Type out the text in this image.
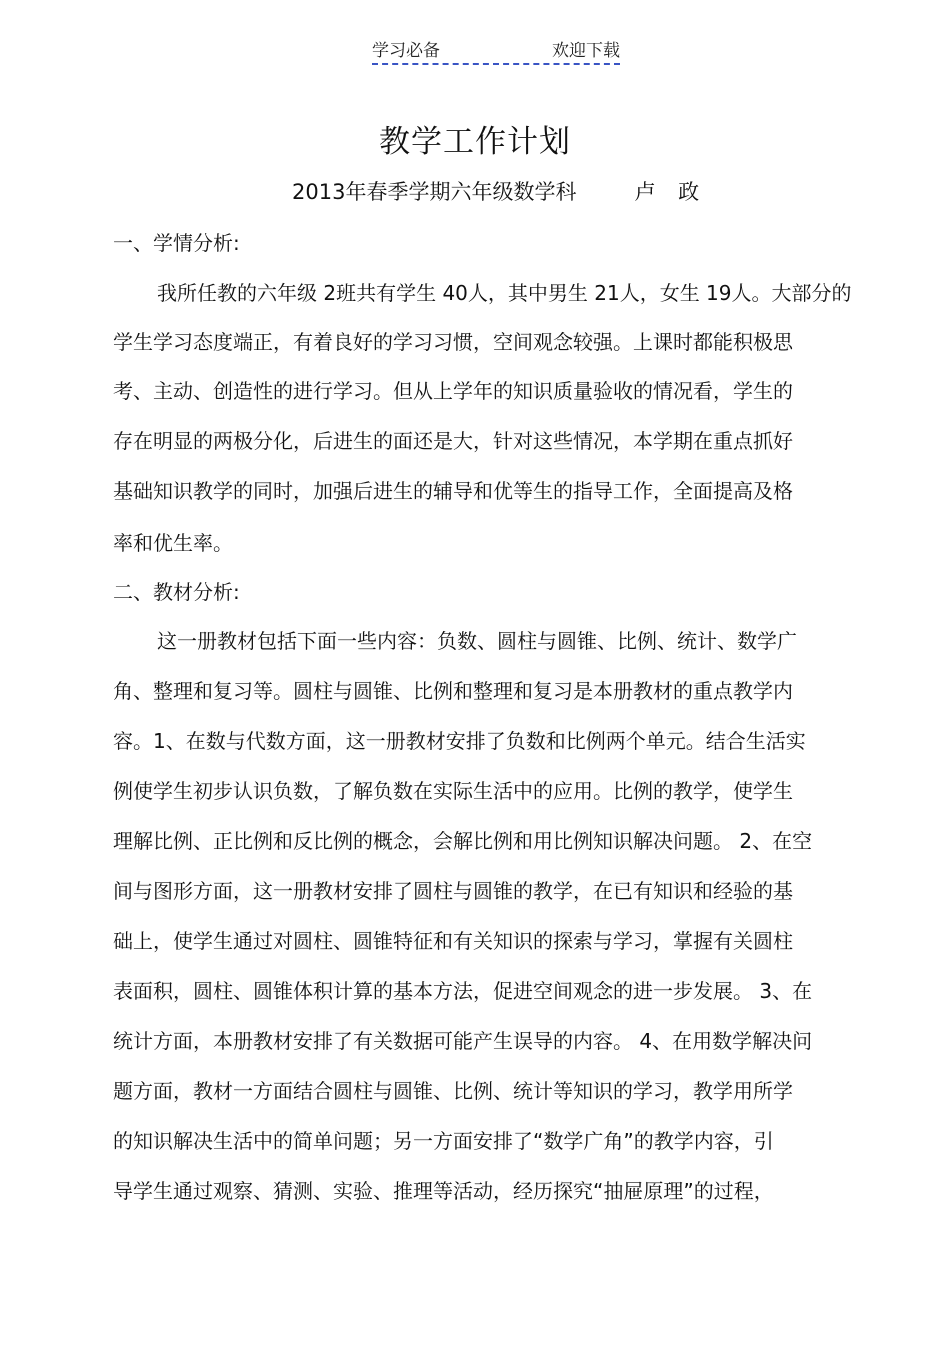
学习必备	欢迎下载
教学工作计划
2013年春季学期六年级数学科	卢 政
一、学情分析:
我所任教的六年级 2班共有学生 40人，其中男生 21人，女生 19人。大部分的
学生学习态度端正，有着良好的学习习惯，空间观念较强。上课时都能积极思
考、主动、创造性的进行学习。但从上学年的知识质量验收的情况看，学生的
存在明显的两极分化，后进生的面还是大，针对这些情况，本学期在重点抓好
基础知识教学的同时，加强后进生的辅导和优等生的指导工作，全面提高及格
率和优生率。
二、教材分析:
这一册教材包括下面一些内容：负数、圆柱与圆锥、比例、统计、数学广
角、整理和复习等。圆柱与圆锥、比例和整理和复习是本册教材的重点教学内
容。1、在数与代数方面，这一册教材安排了负数和比例两个单元。结合生活实
例使学生初步认识负数，了解负数在实际生活中的应用。比例的教学，使学生
理解比例、正比例和反比例的概念，会解比例和用比例知识解决问题。 2、在空
间与图形方面，这一册教材安排了圆柱与圆锥的教学，在已有知识和经验的基
础上，使学生通过对圆柱、圆锥特征和有关知识的探索与学习，掌握有关圆柱
表面积，圆柱、圆锥体积计算的基本方法，促进空间观念的进一步发展。 3、在
统计方面，本册教材安排了有关数据可能产生误导的内容。 4、在用数学解决问
题方面，教材一方面结合圆柱与圆锥、比例、统计等知识的学习，教学用所学
的知识解决生活中的简单问题；另一方面安排了“数学广角”的教学内容，引
导学生通过观察、猜测、实验、推理等活动，经历探究“抽屉原理”的过程，
